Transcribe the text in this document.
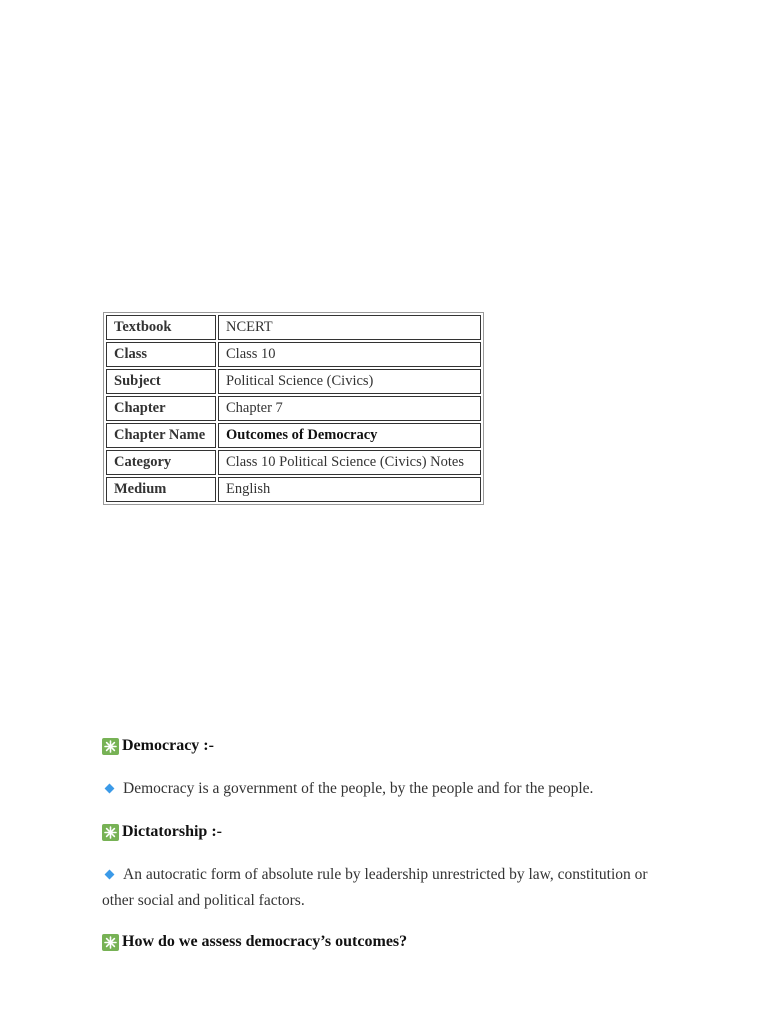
Textbook	NCERT
Class	Class 10
Subject	Political Science (Civics)
Chapter	Chapter 7
Chapter Name	Outcomes of Democracy
Category	Class 10 Political Science (Civics) Notes
Medium	English
Democracy :-
Democracy is a government of the people, by the people and for the people.
Dictatorship :-
An autocratic form of absolute rule by leadership unrestricted by law, constitution or other social and political factors.
How do we assess democracy’s outcomes?
